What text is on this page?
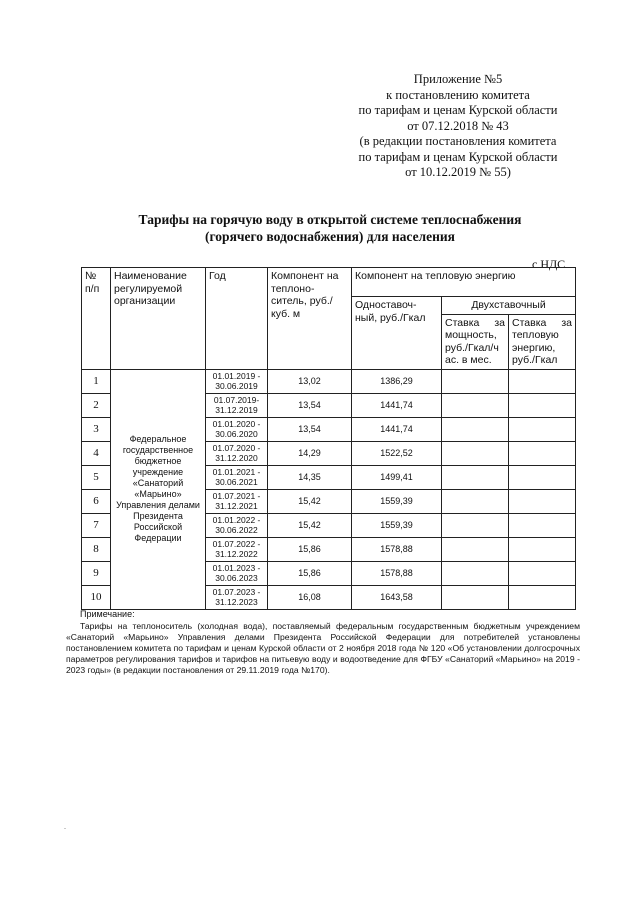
Приложение №5
к постановлению комитета
по тарифам и ценам Курской области
от 07.12.2018 № 43
(в редакции постановления комитета
по тарифам и ценам Курской области
от 10.12.2019 № 55)
Тарифы на горячую воду в открытой системе теплоснабжения
(горячего водоснабжения) для населения
с НДС
№ п/п	Наименование регулируемой организации	Год	Компонент на теплоно-ситель, руб./куб. м	Компонент на тепловую энергию		
				Одноставоч-ный, руб./Гкал	Двухставочный	
					Ставка за мощность, руб./Гкал/ч ас. в мес.	Ставка за тепловую энергию, руб./Гкал
1	Федеральное государственное бюджетное учреждение «Санаторий «Марьино» Управления делами Президента Российской Федерации	01.01.2019 - 30.06.2019	13,02	1386,29		
2		01.07.2019- 31.12.2019	13,54	1441,74		
3		01.01.2020 - 30.06.2020	13,54	1441,74		
4		01.07.2020 - 31.12.2020	14,29	1522,52		
5		01.01.2021 - 30.06.2021	14,35	1499,41		
6		01.07.2021 - 31.12.2021	15,42	1559,39		
7		01.01.2022 - 30.06.2022	15,42	1559,39		
8		01.07.2022 - 31.12.2022	15,86	1578,88		
9		01.01.2023 - 30.06.2023	15,86	1578,88		
10		01.07.2023 - 31.12.2023	16,08	1643,58		
Примечание:
Тарифы на теплоноситель (холодная вода), поставляемый федеральным государственным бюджетным учреждением «Санаторий «Марьино» Управления делами Президента Российской Федерации для потребителей установлены постановлением комитета по тарифам и ценам Курской области от 2 ноября 2018 года № 120 «Об установлении долгосрочных параметров регулирования тарифов и тарифов на питьевую воду и водоотведение для ФГБУ «Санаторий «Марьино» на 2019 - 2023 годы» (в редакции постановления от 29.11.2019 года №170).
.
